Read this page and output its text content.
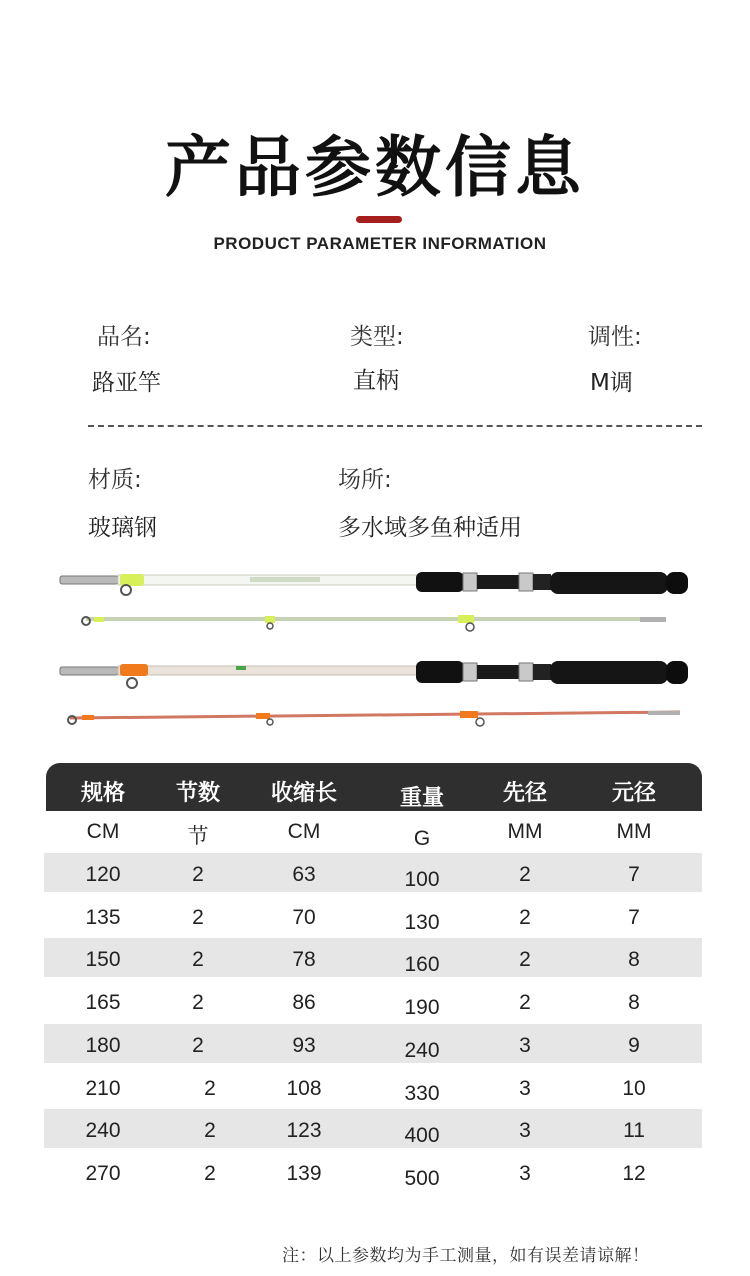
产品参数信息
PRODUCT PARAMETER INFORMATION
品名:
路亚竿
类型:
直柄
调性:
M调
材质:
玻璃钢
场所:
多水域多鱼种适用
规格	节数	收缩长	重量	先径	元径
CM	节	CM	G	MM	MM
120	2	63	100	2	7
135	2	70	130	2	7
150	2	78	160	2	8
165	2	86	190	2	8
180	2	93	240	3	9
210	2	108	330	3	10
240	2	123	400	3	11
270	2	139	500	3	12
注：以上参数均为手工测量，如有误差请谅解！
